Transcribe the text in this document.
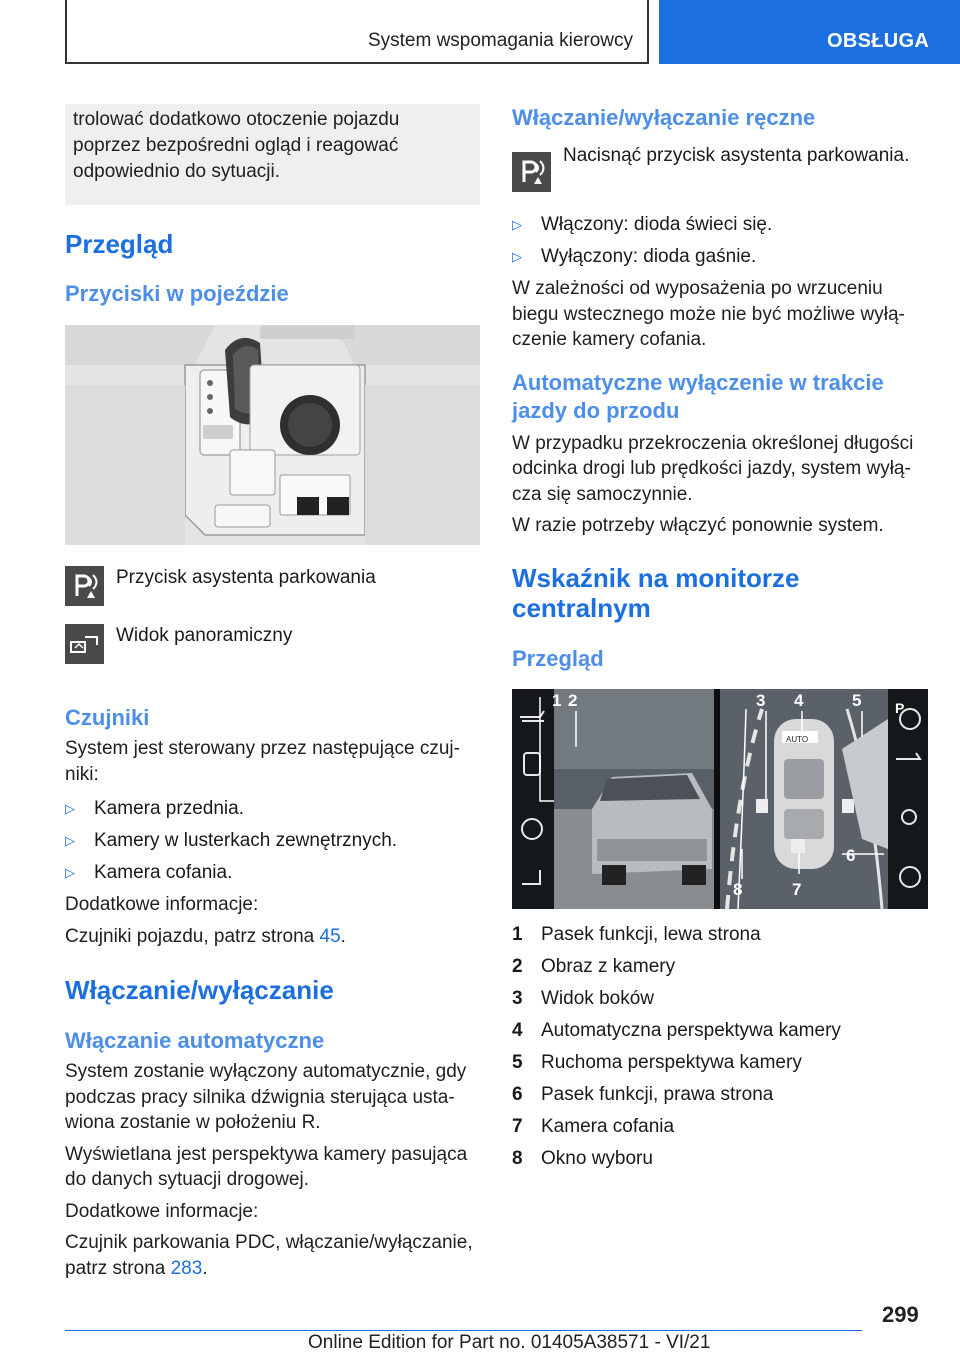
System wspomagania kierowcy	OBSŁUGA

trolować dodatkowo otoczenie pojazdu poprzez bezpośredni ogląd i reagować odpowiednio do sytuacji.

Przegląd
Przyciski w pojeździe
Przycisk asystenta parkowania
Widok panoramiczny
Czujniki

System jest sterowany przez następujące czujniki:

▷ Kamera przednia.
▷ Kamery w lusterkach zewnętrznych.
▷ Kamera cofania.

Dodatkowe informacje:

Czujniki pojazdu, patrz strona 45.

Włączanie/wyłączanie
Włączanie automatyczne

System zostanie wyłączony automatycznie, gdy podczas pracy silnika dźwignia sterująca ustawiona zostanie w położeniu R.

Wyświetlana jest perspektywa kamery pasująca do danych sytuacji drogowej.

Dodatkowe informacje:

Czujnik parkowania PDC, włączanie/wyłączanie, patrz strona 283.

Włączanie/wyłączanie ręczne
Nacisnąć przycisk asystenta parkowania.
▷ Włączony: dioda świeci się.
▷ Wyłączony: dioda gaśnie.

W zależności od wyposażenia po wrzuceniu biegu wstecznego może nie być możliwe wyłączenie kamery cofania.

Automatyczne wyłączenie w trakcie jazdy do przodu

W przypadku przekroczenia określonej długości odcinka drogi lub prędkości jazdy, system wyłącza się samoczynnie.

W razie potrzeby włączyć ponownie system.

Wskaźnik na monitorze centralnym
Przegląd
P
AUTO
1 2	3 4	5
6
7
8
1 Pasek funkcji, lewa strona
2 Obraz z kamery
3 Widok boków
4 Automatyczna perspektywa kamery
5 Ruchoma perspektywa kamery
6 Pasek funkcji, prawa strona
7 Kamera cofania
8 Okno wyboru
299
Online Edition for Part no. 01405A38571 - VI/21
